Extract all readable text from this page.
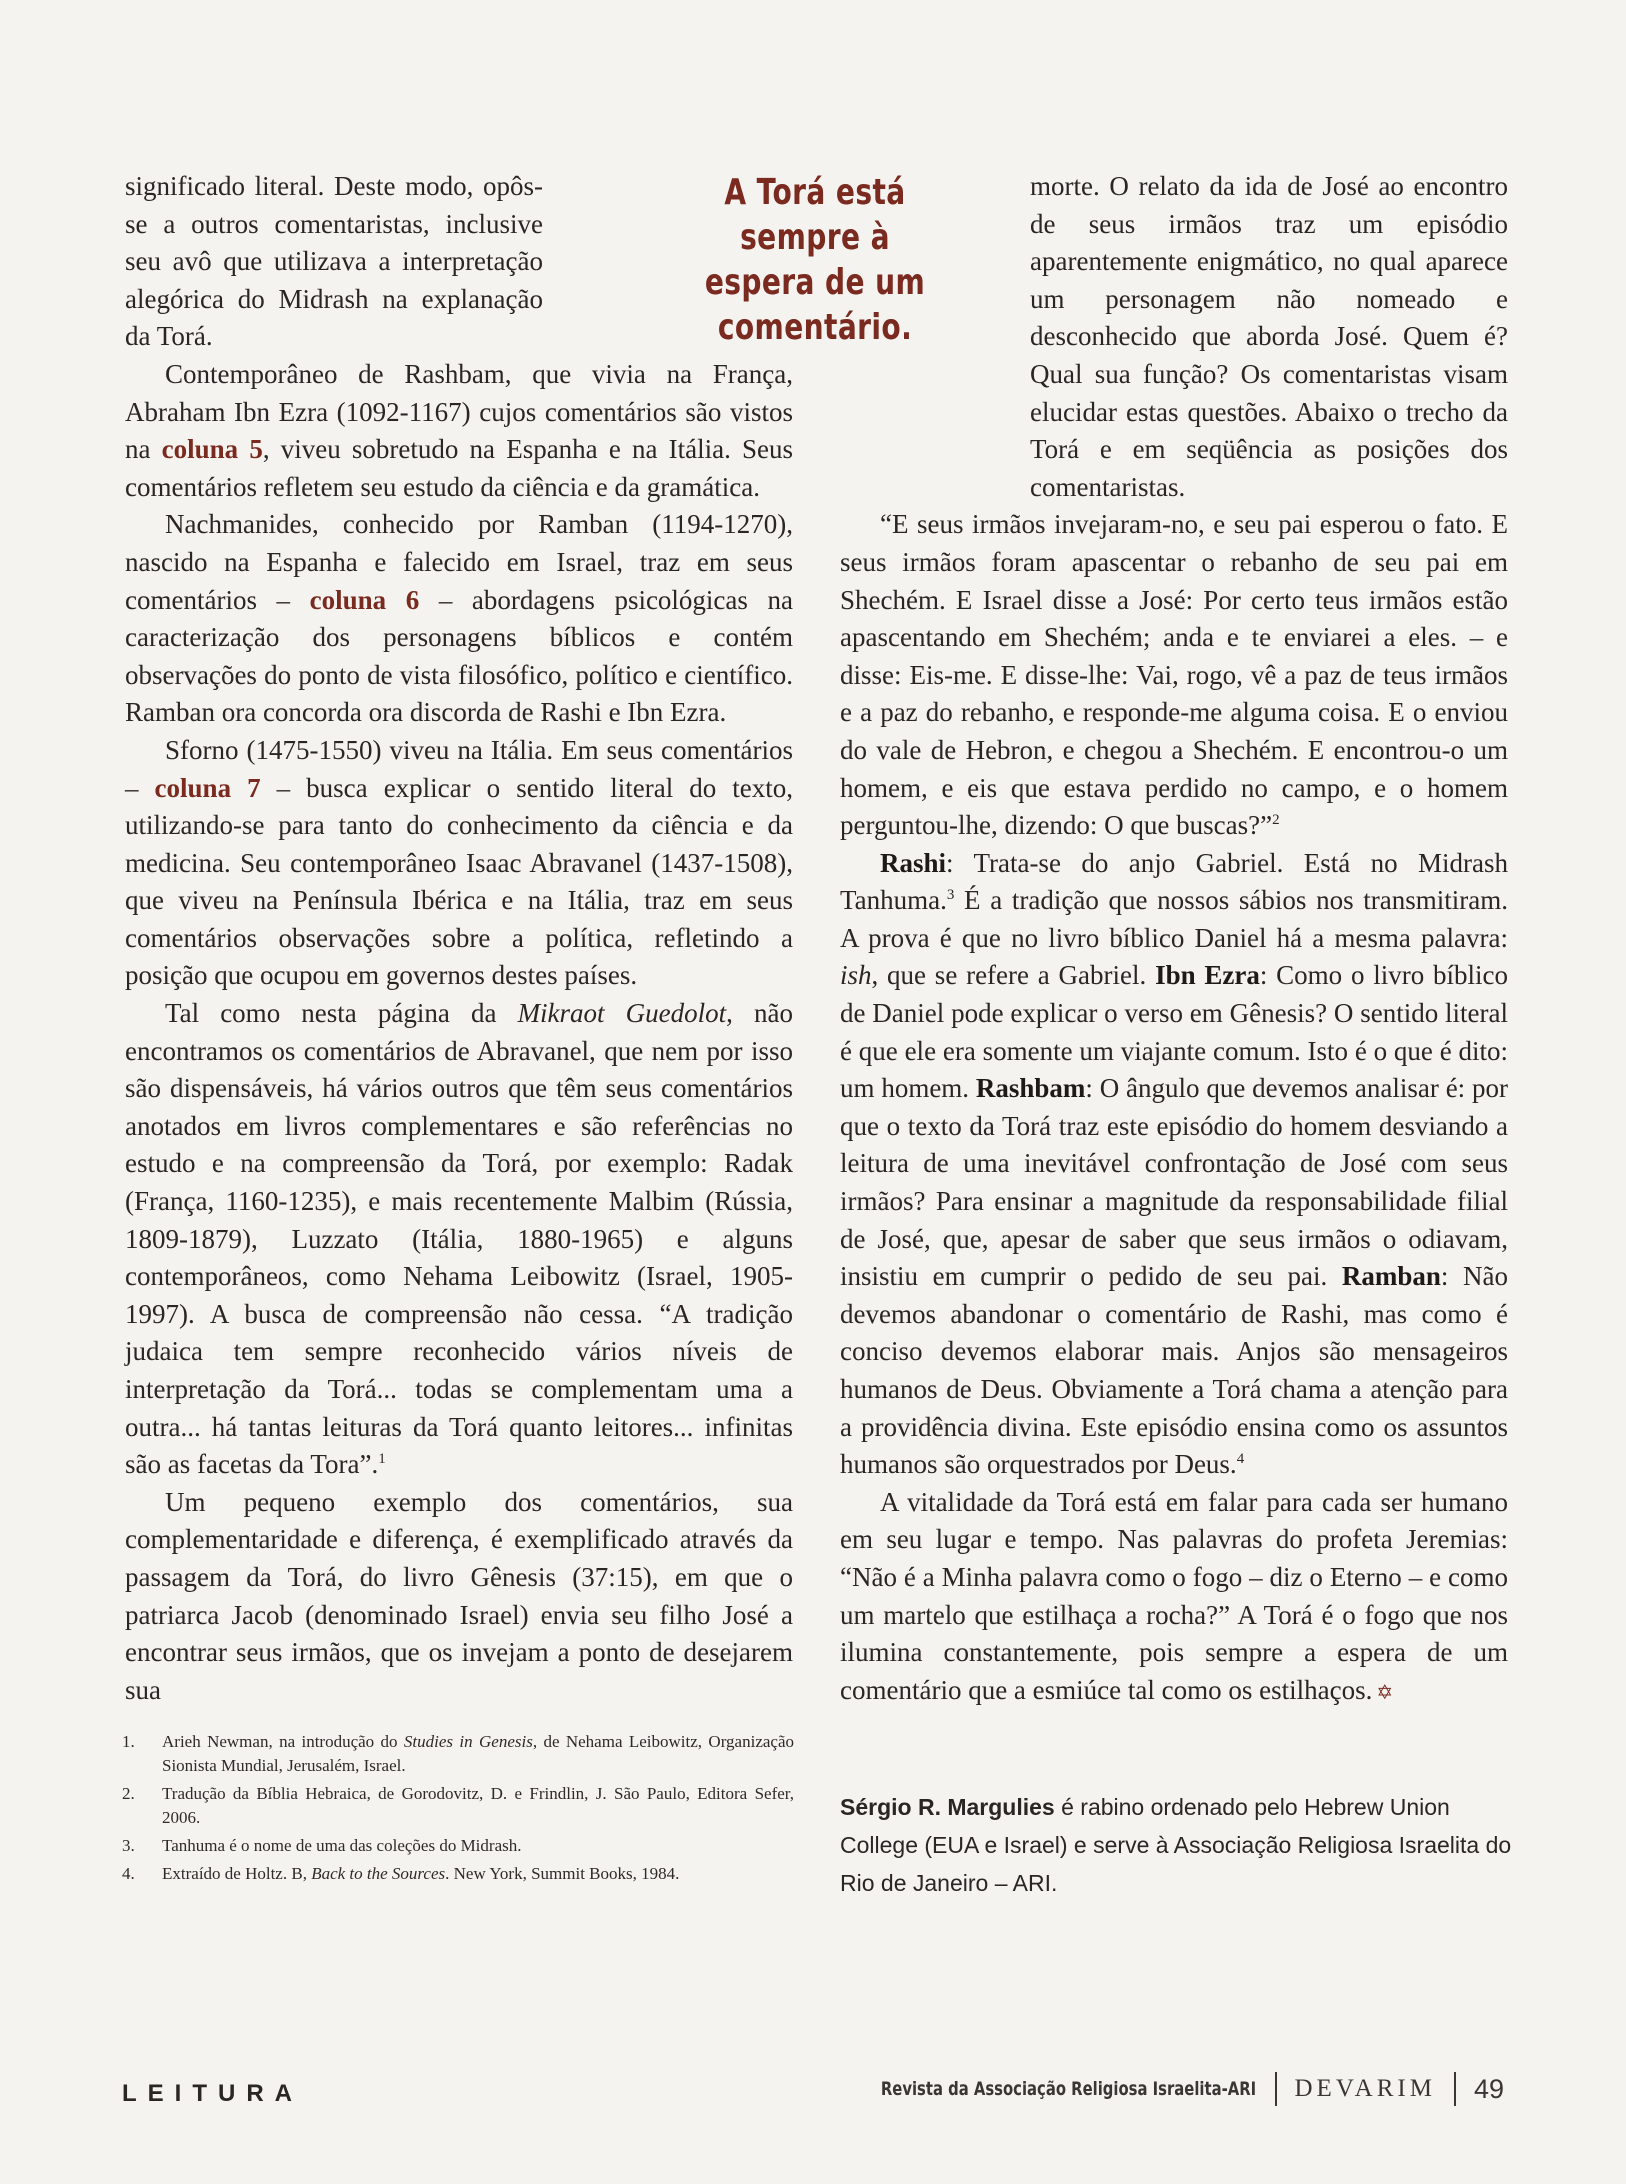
A Torá está sempre à espera de um comentário.

significado literal. Deste modo, opôs-se a outros comentaristas, inclusive seu avô que utilizava a interpretação alegórica do Midrash na explanação da Torá.

Contemporâneo de Rashbam, que vivia na França, Abraham Ibn Ezra (1092-1167) cujos comentários são vistos na coluna 5, viveu sobretudo na Espanha e na Itália. Seus comentários refletem seu estudo da ciência e da gramática.

Nachmanides, conhecido por Ramban (1194-1270), nascido na Espanha e falecido em Israel, traz em seus comentários – coluna 6 – abordagens psicológicas na caracterização dos personagens bíblicos e contém observações do ponto de vista filosófico, político e científico. Ramban ora concorda ora discorda de Rashi e Ibn Ezra.

Sforno (1475-1550) viveu na Itália. Em seus comentários – coluna 7 – busca explicar o sentido literal do texto, utilizando-se para tanto do conhecimento da ciência e da medicina. Seu contemporâneo Isaac Abravanel (1437-1508), que viveu na Península Ibérica e na Itália, traz em seus comentários observações sobre a política, refletindo a posição que ocupou em governos destes países.

Tal como nesta página da Mikraot Guedolot, não encontramos os comentários de Abravanel, que nem por isso são dispensáveis, há vários outros que têm seus comentários anotados em livros complementares e são referências no estudo e na compreensão da Torá, por exemplo: Radak (França, 1160-1235), e mais recentemente Malbim (Rússia, 1809-1879), Luzzato (Itália, 1880-1965) e alguns contemporâneos, como Nehama Leibowitz (Israel, 1905-1997). A busca de compreensão não cessa. “A tradição judaica tem sempre reconhecido vários níveis de interpretação da Torá... todas se complementam uma a outra... há tantas leituras da Torá quanto leitores... infinitas são as facetas da Tora”.$^1$

Um pequeno exemplo dos comentários, sua complementaridade e diferença, é exemplificado através da passagem da Torá, do livro Gênesis (37:15), em que o patriarca Jacob (denominado Israel) envia seu filho José a encontrar seus irmãos, que os invejam a ponto de desejarem sua

morte. O relato da ida de José ao encontro de seus irmãos traz um episódio aparentemente enigmático, no qual aparece um personagem não nomeado e desconhecido que aborda José. Quem é? Qual sua função? Os comentaristas visam elucidar estas questões. Abaixo o trecho da Torá e em seqüência as posições dos comentaristas.

“E seus irmãos invejaram-no, e seu pai esperou o fato. E seus irmãos foram apascentar o rebanho de seu pai em Shechém. E Israel disse a José: Por certo teus irmãos estão apascentando em Shechém; anda e te enviarei a eles. – e disse: Eis-me. E disse-lhe: Vai, rogo, vê a paz de teus irmãos e a paz do rebanho, e responde-me alguma coisa. E o enviou do vale de Hebron, e chegou a Shechém. E encontrou-o um homem, e eis que estava perdido no campo, e o homem perguntou-lhe, dizendo: O que buscas?”$^2$

Rashi: Trata-se do anjo Gabriel. Está no Midrash Tanhuma.$^3$ É a tradição que nossos sábios nos transmitiram. A prova é que no livro bíblico Daniel há a mesma palavra: ish, que se refere a Gabriel. Ibn Ezra: Como o livro bíblico de Daniel pode explicar o verso em Gênesis? O sentido literal é que ele era somente um viajante comum. Isto é o que é dito: um homem. Rashbam: O ângulo que devemos analisar é: por que o texto da Torá traz este episódio do homem desviando a leitura de uma inevitável confrontação de José com seus irmãos? Para ensinar a magnitude da responsabilidade filial de José, que, apesar de saber que seus irmãos o odiavam, insistiu em cumprir o pedido de seu pai. Ramban: Não devemos abandonar o comentário de Rashi, mas como é conciso devemos elaborar mais. Anjos são mensageiros humanos de Deus. Obviamente a Torá chama a atenção para a providência divina. Este episódio ensina como os assuntos humanos são orquestrados por Deus.$^4$

A vitalidade da Torá está em falar para cada ser humano em seu lugar e tempo. Nas palavras do profeta Jeremias: “Não é a Minha palavra como o fogo – diz o Eterno – e como um martelo que estilhaça a rocha?” A Torá é o fogo que nos ilumina constantemente, pois sempre a espera de um comentário que a esmiúce tal como os estilhaços. ✡

1.	Arieh Newman, na introdução do Studies in Genesis, de Nehama Leibowitz, Organização Sionista Mundial, Jerusalém, Israel.
2.	Tradução da Bíblia Hebraica, de Gorodovitz, D. e Frindlin, J. São Paulo, Editora Sefer, 2006.
3.	Tanhuma é o nome de uma das coleções do Midrash.
4.	Extraído de Holtz. B, Back to the Sources. New York, Summit Books, 1984.
Sérgio R. Margulies é rabino ordenado pelo Hebrew Union College (EUA e Israel) e serve à Associação Religiosa Israelita do Rio de Janeiro – ARI.
LEITURA	Revista da Associação Religiosa Israelita-ARI DEVARIM 49
